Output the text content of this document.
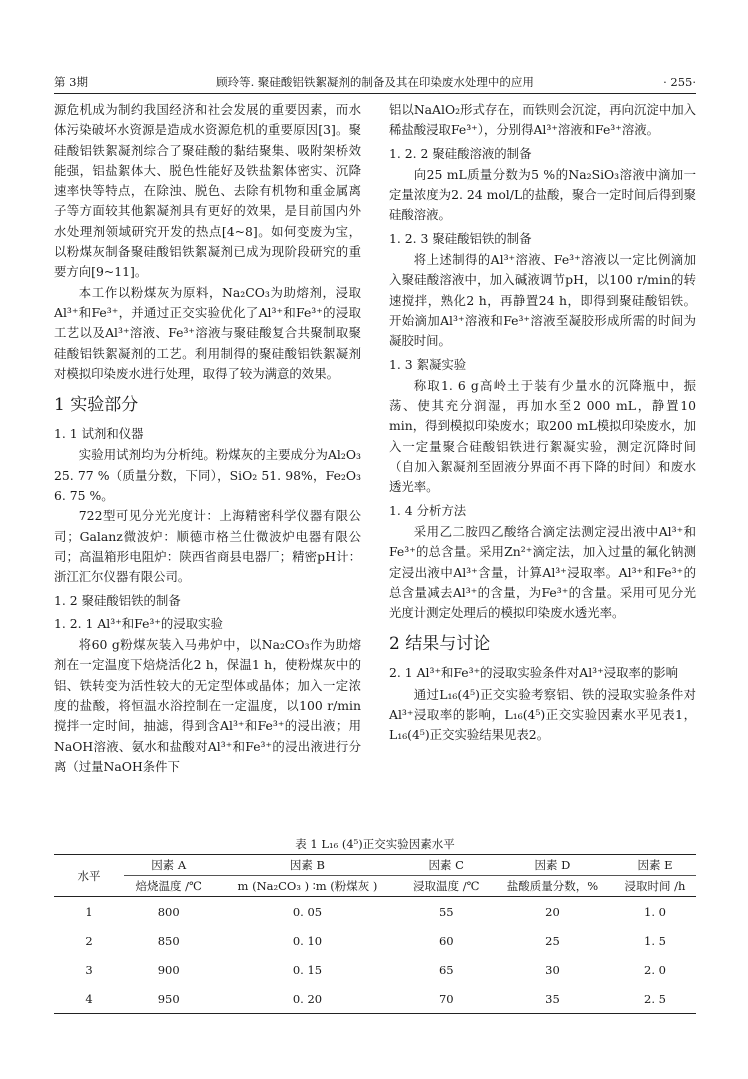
第 3期	顾玲等. 聚硅酸铝铁絮凝剂的制备及其在印染废水处理中的应用	· 255·

源危机成为制约我国经济和社会发展的重要因素，而水体污染破坏水资源是造成水资源危机的重要原因[3]。聚硅酸铝铁絮凝剂综合了聚硅酸的黏结聚集、吸附架桥效能强，铝盐絮体大、脱色性能好及铁盐絮体密实、沉降速率快等特点，在除浊、脱色、去除有机物和重金属离子等方面较其他絮凝剂具有更好的效果，是目前国内外水处理剂领域研究开发的热点[4~8]。如何变废为宝，以粉煤灰制备聚硅酸铝铁絮凝剂已成为现阶段研究的重要方向[9~11]。

本工作以粉煤灰为原料，Na₂CO₃为助熔剂，浸取Al³⁺和Fe³⁺，并通过正交实验优化了Al³⁺和Fe³⁺的浸取工艺以及Al³⁺溶液、Fe³⁺溶液与聚硅酸复合共聚制取聚硅酸铝铁絮凝剂的工艺。利用制得的聚硅酸铝铁絮凝剂对模拟印染废水进行处理，取得了较为满意的效果。

1 实验部分
1. 1 试剂和仪器

实验用试剂均为分析纯。粉煤灰的主要成分为Al₂O₃ 25. 77 %（质量分数，下同），SiO₂ 51. 98%，Fe₂O₃ 6. 75 %。

722型可见分光光度计：上海精密科学仪器有限公司；Galanz微波炉：顺德市格兰仕微波炉电器有限公司；高温箱形电阻炉：陕西省商县电器厂；精密pH计：浙江汇尔仪器有限公司。

1. 2 聚硅酸铝铁的制备
1. 2. 1 Al³⁺和Fe³⁺的浸取实验

将60 g粉煤灰装入马弗炉中，以Na₂CO₃作为助熔剂在一定温度下焙烧活化2 h，保温1 h，使粉煤灰中的铝、铁转变为活性较大的无定型体或晶体；加入一定浓度的盐酸，将恒温水浴控制在一定温度，以100 r/min搅拌一定时间，抽滤，得到含Al³⁺和Fe³⁺的浸出液；用NaOH溶液、氨水和盐酸对Al³⁺和Fe³⁺的浸出液进行分离（过量NaOH条件下

铝以NaAlO₂形式存在，而铁则会沉淀，再向沉淀中加入稀盐酸浸取Fe³⁺），分别得Al³⁺溶液和Fe³⁺溶液。

1. 2. 2 聚硅酸溶液的制备

向25 mL质量分数为5 %的Na₂SiO₃溶液中滴加一定量浓度为2. 24 mol/L的盐酸，聚合一定时间后得到聚硅酸溶液。

1. 2. 3 聚硅酸铝铁的制备

将上述制得的Al³⁺溶液、Fe³⁺溶液以一定比例滴加入聚硅酸溶液中，加入碱液调节pH，以100 r/min的转速搅拌，熟化2 h，再静置24 h，即得到聚硅酸铝铁。开始滴加Al³⁺溶液和Fe³⁺溶液至凝胶形成所需的时间为凝胶时间。

1. 3 絮凝实验

称取1. 6 g高岭土于装有少量水的沉降瓶中，振荡、使其充分润湿，再加水至2 000 mL，静置10 min，得到模拟印染废水；取200 mL模拟印染废水，加入一定量聚合硅酸铝铁进行絮凝实验，测定沉降时间（自加入絮凝剂至固液分界面不再下降的时间）和废水透光率。

1. 4 分析方法

采用乙二胺四乙酸络合滴定法测定浸出液中Al³⁺和Fe³⁺的总含量。采用Zn²⁺滴定法，加入过量的氟化钠测定浸出液中Al³⁺含量，计算Al³⁺浸取率。Al³⁺和Fe³⁺的总含量减去Al³⁺的含量，为Fe³⁺的含量。采用可见分光光度计测定处理后的模拟印染废水透光率。

2 结果与讨论
2. 1 Al³⁺和Fe³⁺的浸取实验条件对Al³⁺浸取率的影响

通过L₁₆(4⁵)正交实验考察铝、铁的浸取实验条件对Al³⁺浸取率的影响，L₁₆(4⁵)正交实验因素水平见表1，L₁₆(4⁵)正交实验结果见表2。

表 1 L₁₆ (4⁵)正交实验因素水平
水平	因素 A	因素 B	因素 C	因素 D	因素 E
	焙烧温度 /℃	m (Na₂CO₃ ) ∶m (粉煤灰 )	浸取温度 /℃	盐酸质量分数，%	浸取时间 /h
1	800	0. 05	55	20	1. 0
2	850	0. 10	60	25	1. 5
3	900	0. 15	65	30	2. 0
4	950	0. 20	70	35	2. 5
